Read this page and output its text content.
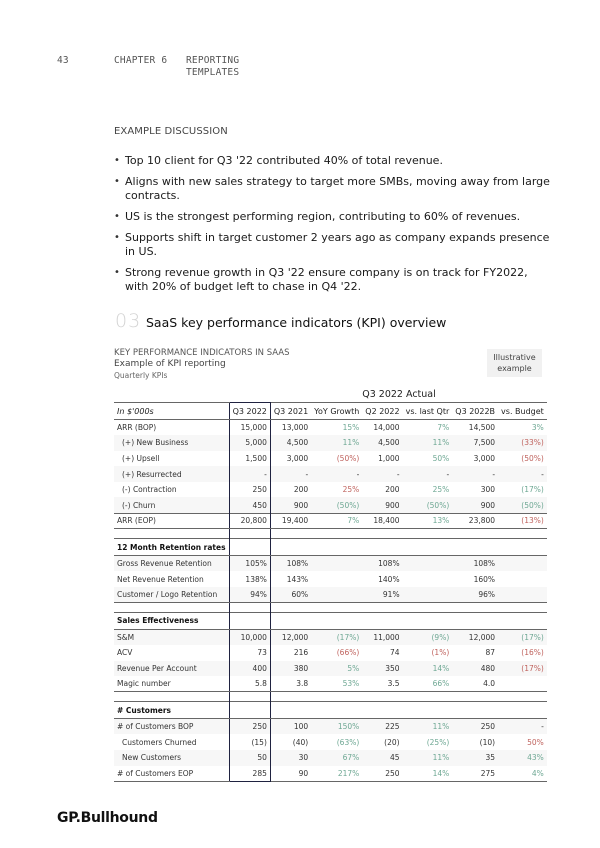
43	CHAPTER 6 REPORTING
TEMPLATES
EXAMPLE DISCUSSION
• Top 10 client for Q3 '22 contributed 40% of total revenue.
• Aligns with new sales strategy to target more SMBs, moving away from large contracts.
• US is the strongest performing region, contributing to 60% of revenues.
• Supports shift in target customer 2 years ago as company expands presence in US.
• Strong revenue growth in Q3 '22 ensure company is on track for FY2022, with 20% of budget left to chase in Q4 '22.
03 SaaS key performance indicators (KPI) overview
KEY PERFORMANCE INDICATORS IN SAAS
Example of KPI reporting
Quarterly KPIs
Illustrative
example
Q3 2022 Actual
In $'000s	Q3 2022	Q3 2021	YoY Growth	Q2 2022	vs. last Qtr	Q3 2022B	vs. Budget
ARR (BOP)	15,000	13,000	15%	14,000	7%	14,500	3%
(+) New Business	5,000	4,500	11%	4,500	11%	7,500	(33%)
(+) Upsell	1,500	3,000	(50%)	1,000	50%	3,000	(50%)
(+) Resurrected	-	-	-	-	-	-	-
(-) Contraction	250	200	25%	200	25%	300	(17%)
(-) Churn	450	900	(50%)	900	(50%)	900	(50%)
ARR (EOP)	20,800	19,400	7%	18,400	13%	23,800	(13%)

12 Month Retention rates							
Gross Revenue Retention	105%	108%		108%		108%	
Net Revenue Retention	138%	143%		140%		160%	
Customer / Logo Retention	94%	60%		91%		96%	

Sales Effectiveness							
S&M	10,000	12,000	(17%)	11,000	(9%)	12,000	(17%)
ACV	73	216	(66%)	74	(1%)	87	(16%)
Revenue Per Account	400	380	5%	350	14%	480	(17%)
Magic number	5.8	3.8	53%	3.5	66%	4.0	

# Customers							
# of Customers BOP	250	100	150%	225	11%	250	-
Customers Churned	(15)	(40)	(63%)	(20)	(25%)	(10)	50%
New Customers	50	30	67%	45	11%	35	43%
# of Customers EOP	285	90	217%	250	14%	275	4%
GP.Bullhound
